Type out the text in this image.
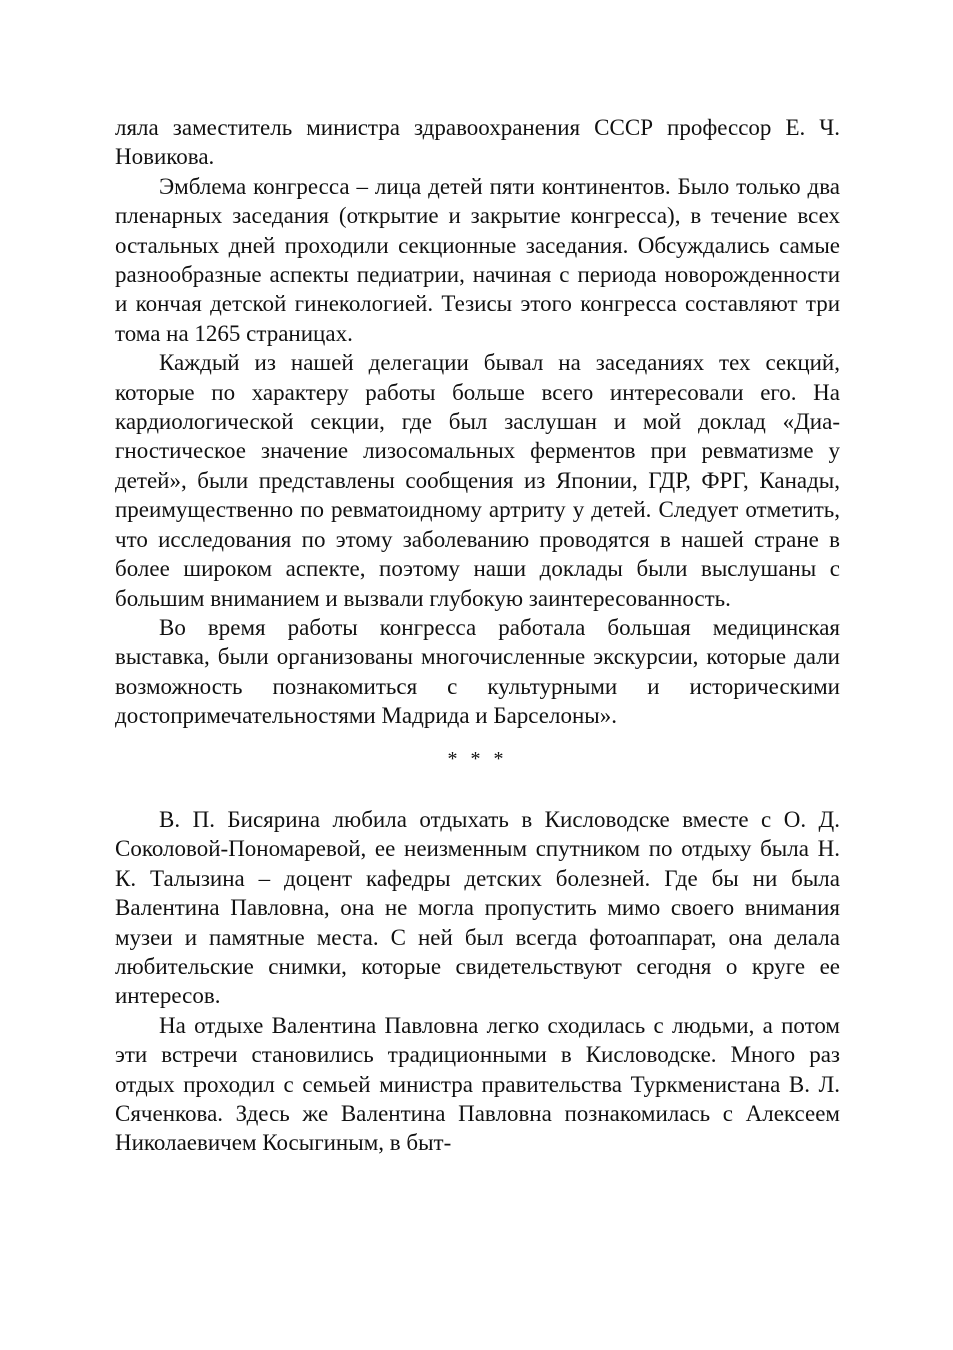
ляла заместитель министра здравоохранения СССР профессор Е. Ч. Новикова.

Эмблема конгресса – лица детей пяти континентов. Было только два пленарных заседания (открытие и закрытие конгресса), в течение всех остальных дней проходили секционные заседания. Обсуждались самые разнообразные аспекты педиатрии, начиная с периода новорожденности и кончая детской гинекологией. Тезисы этого конгресса составляют три тома на 1265 страницах.

Каждый из нашей делегации бывал на заседаниях тех секций, которые по характеру работы больше всего интересовали его. На кардиологической секции, где был заслушан и мой доклад «Диагностическое значение лизосомальных ферментов при ревматизме у детей», были представлены сообщения из Японии, ГДР, ФРГ, Канады, преимущественно по ревматоидному артриту у детей. Следует отметить, что исследования по этому заболеванию проводятся в нашей стране в более широком аспекте, поэтому наши доклады были выслушаны с большим вниманием и вызвали глубокую заинтересованность.

Во время работы конгресса работала большая медицинская выставка, были организованы многочисленные экскурсии, которые дали возможность познакомиться с культурными и историческими достопримечательностями Мадрида и Барселоны».

* * *

В. П. Бисярина любила отдыхать в Кисловодске вместе с О. Д. Соколовой-Пономаревой, ее неизменным спутником по отдыху была Н. К. Талызина – доцент кафедры детских болезней. Где бы ни была Валентина Павловна, она не могла пропустить мимо своего внимания музеи и памятные места. С ней был всегда фотоаппарат, она делала любительские снимки, которые свидетельствуют сегодня о круге ее интересов.

На отдыхе Валентина Павловна легко сходилась с людьми, а потом эти встречи становились традиционными в Кисловодске. Много раз отдых проходил с семьей министра правительства Туркменистана В. Л. Сяченкова. Здесь же Валентина Павловна познакомилась с Алексеем Николаевичем Косыгиным, в быт-
